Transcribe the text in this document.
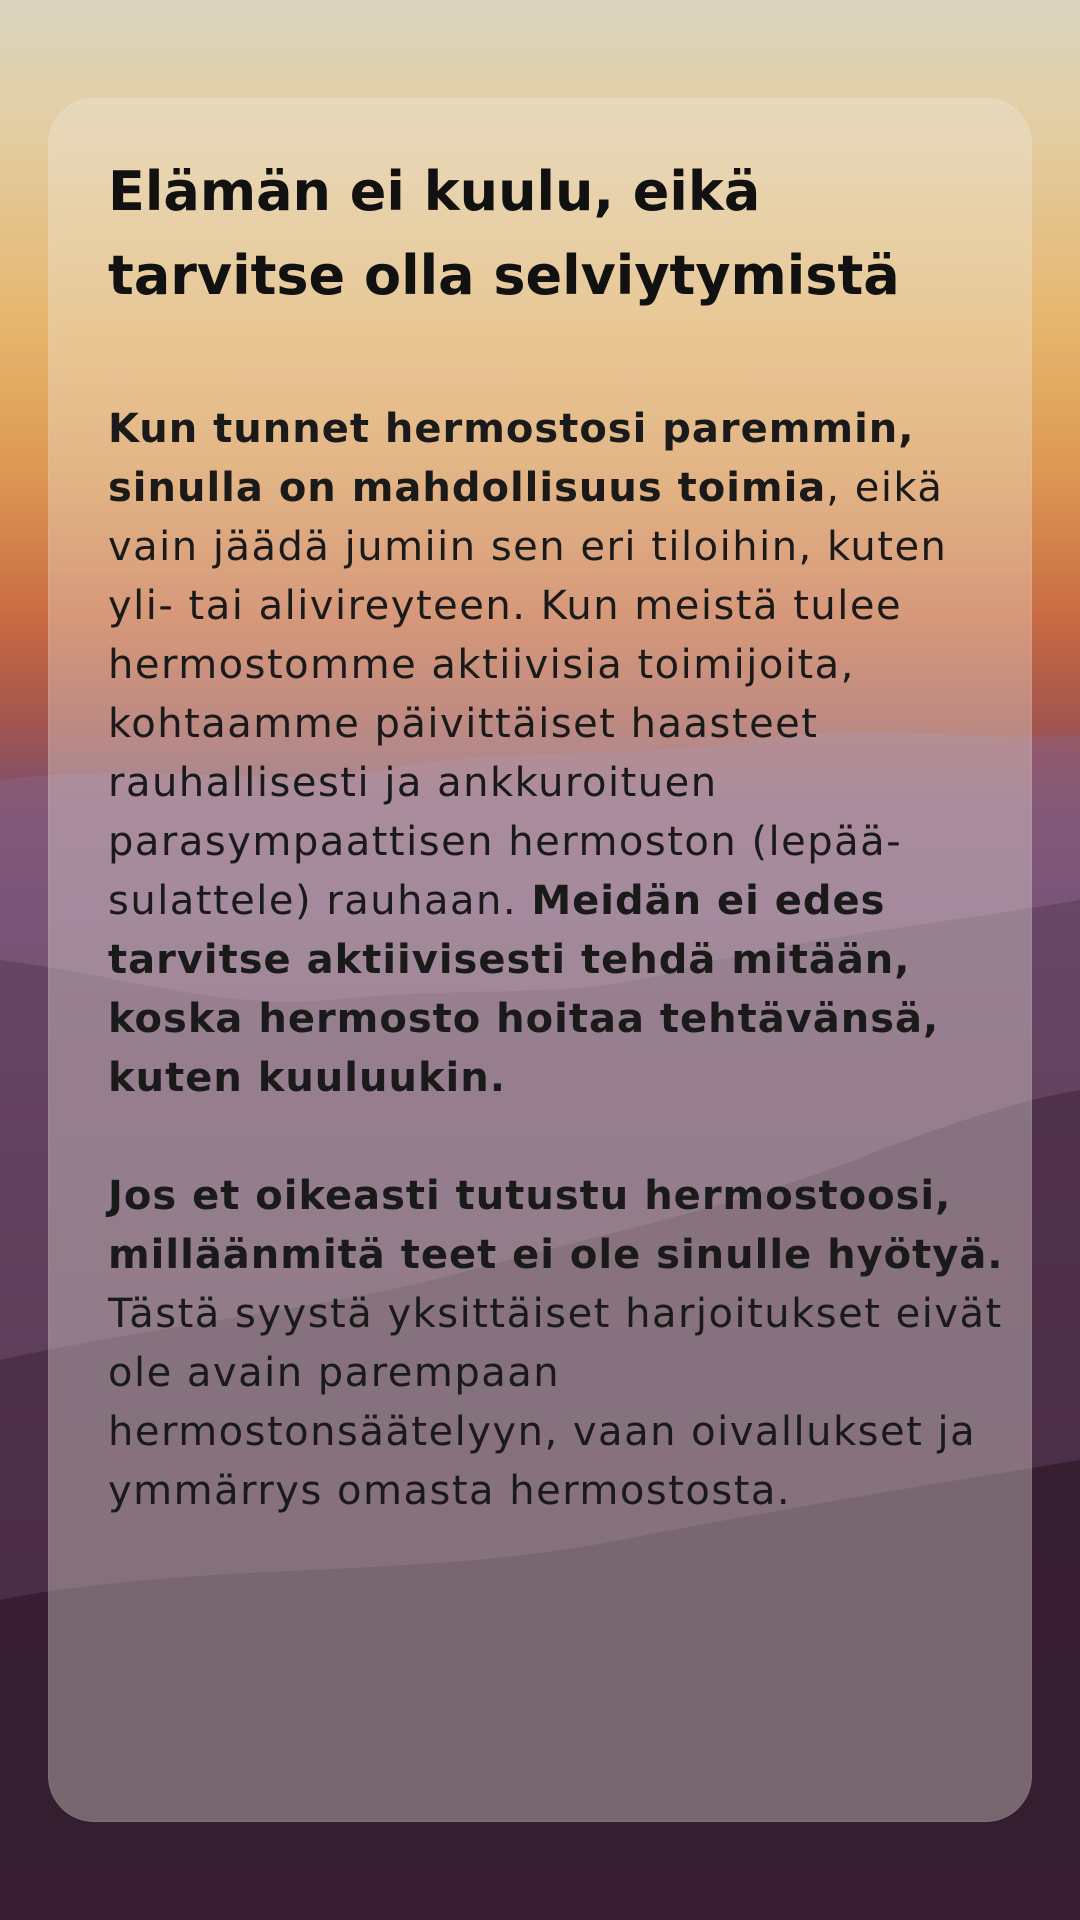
Elämän ei kuulu, eikä tarvitse olla selviytymistä

Kun tunnet hermostosi paremmin, sinulla on mahdollisuus toimia, eikä vain jäädä jumiin sen eri tiloihin, kuten yli- tai alivireyteen. Kun meistä tulee hermostomme aktiivisia toimijoita, kohtaamme päivittäiset haasteet rauhallisesti ja ankkuroituen parasympaattisen hermoston (lepää-sulattele) rauhaan. Meidän ei edes tarvitse aktiivisesti tehdä mitään, koska hermosto hoitaa tehtävänsä, kuten kuuluukin.

Jos et oikeasti tutustu hermostoosi, milläänmitä teet ei ole sinulle hyötyä. Tästä syystä yksittäiset harjoitukset eivät ole avain parempaan hermostonsäätelyyn, vaan oivallukset ja ymmärrys omasta hermostosta.
